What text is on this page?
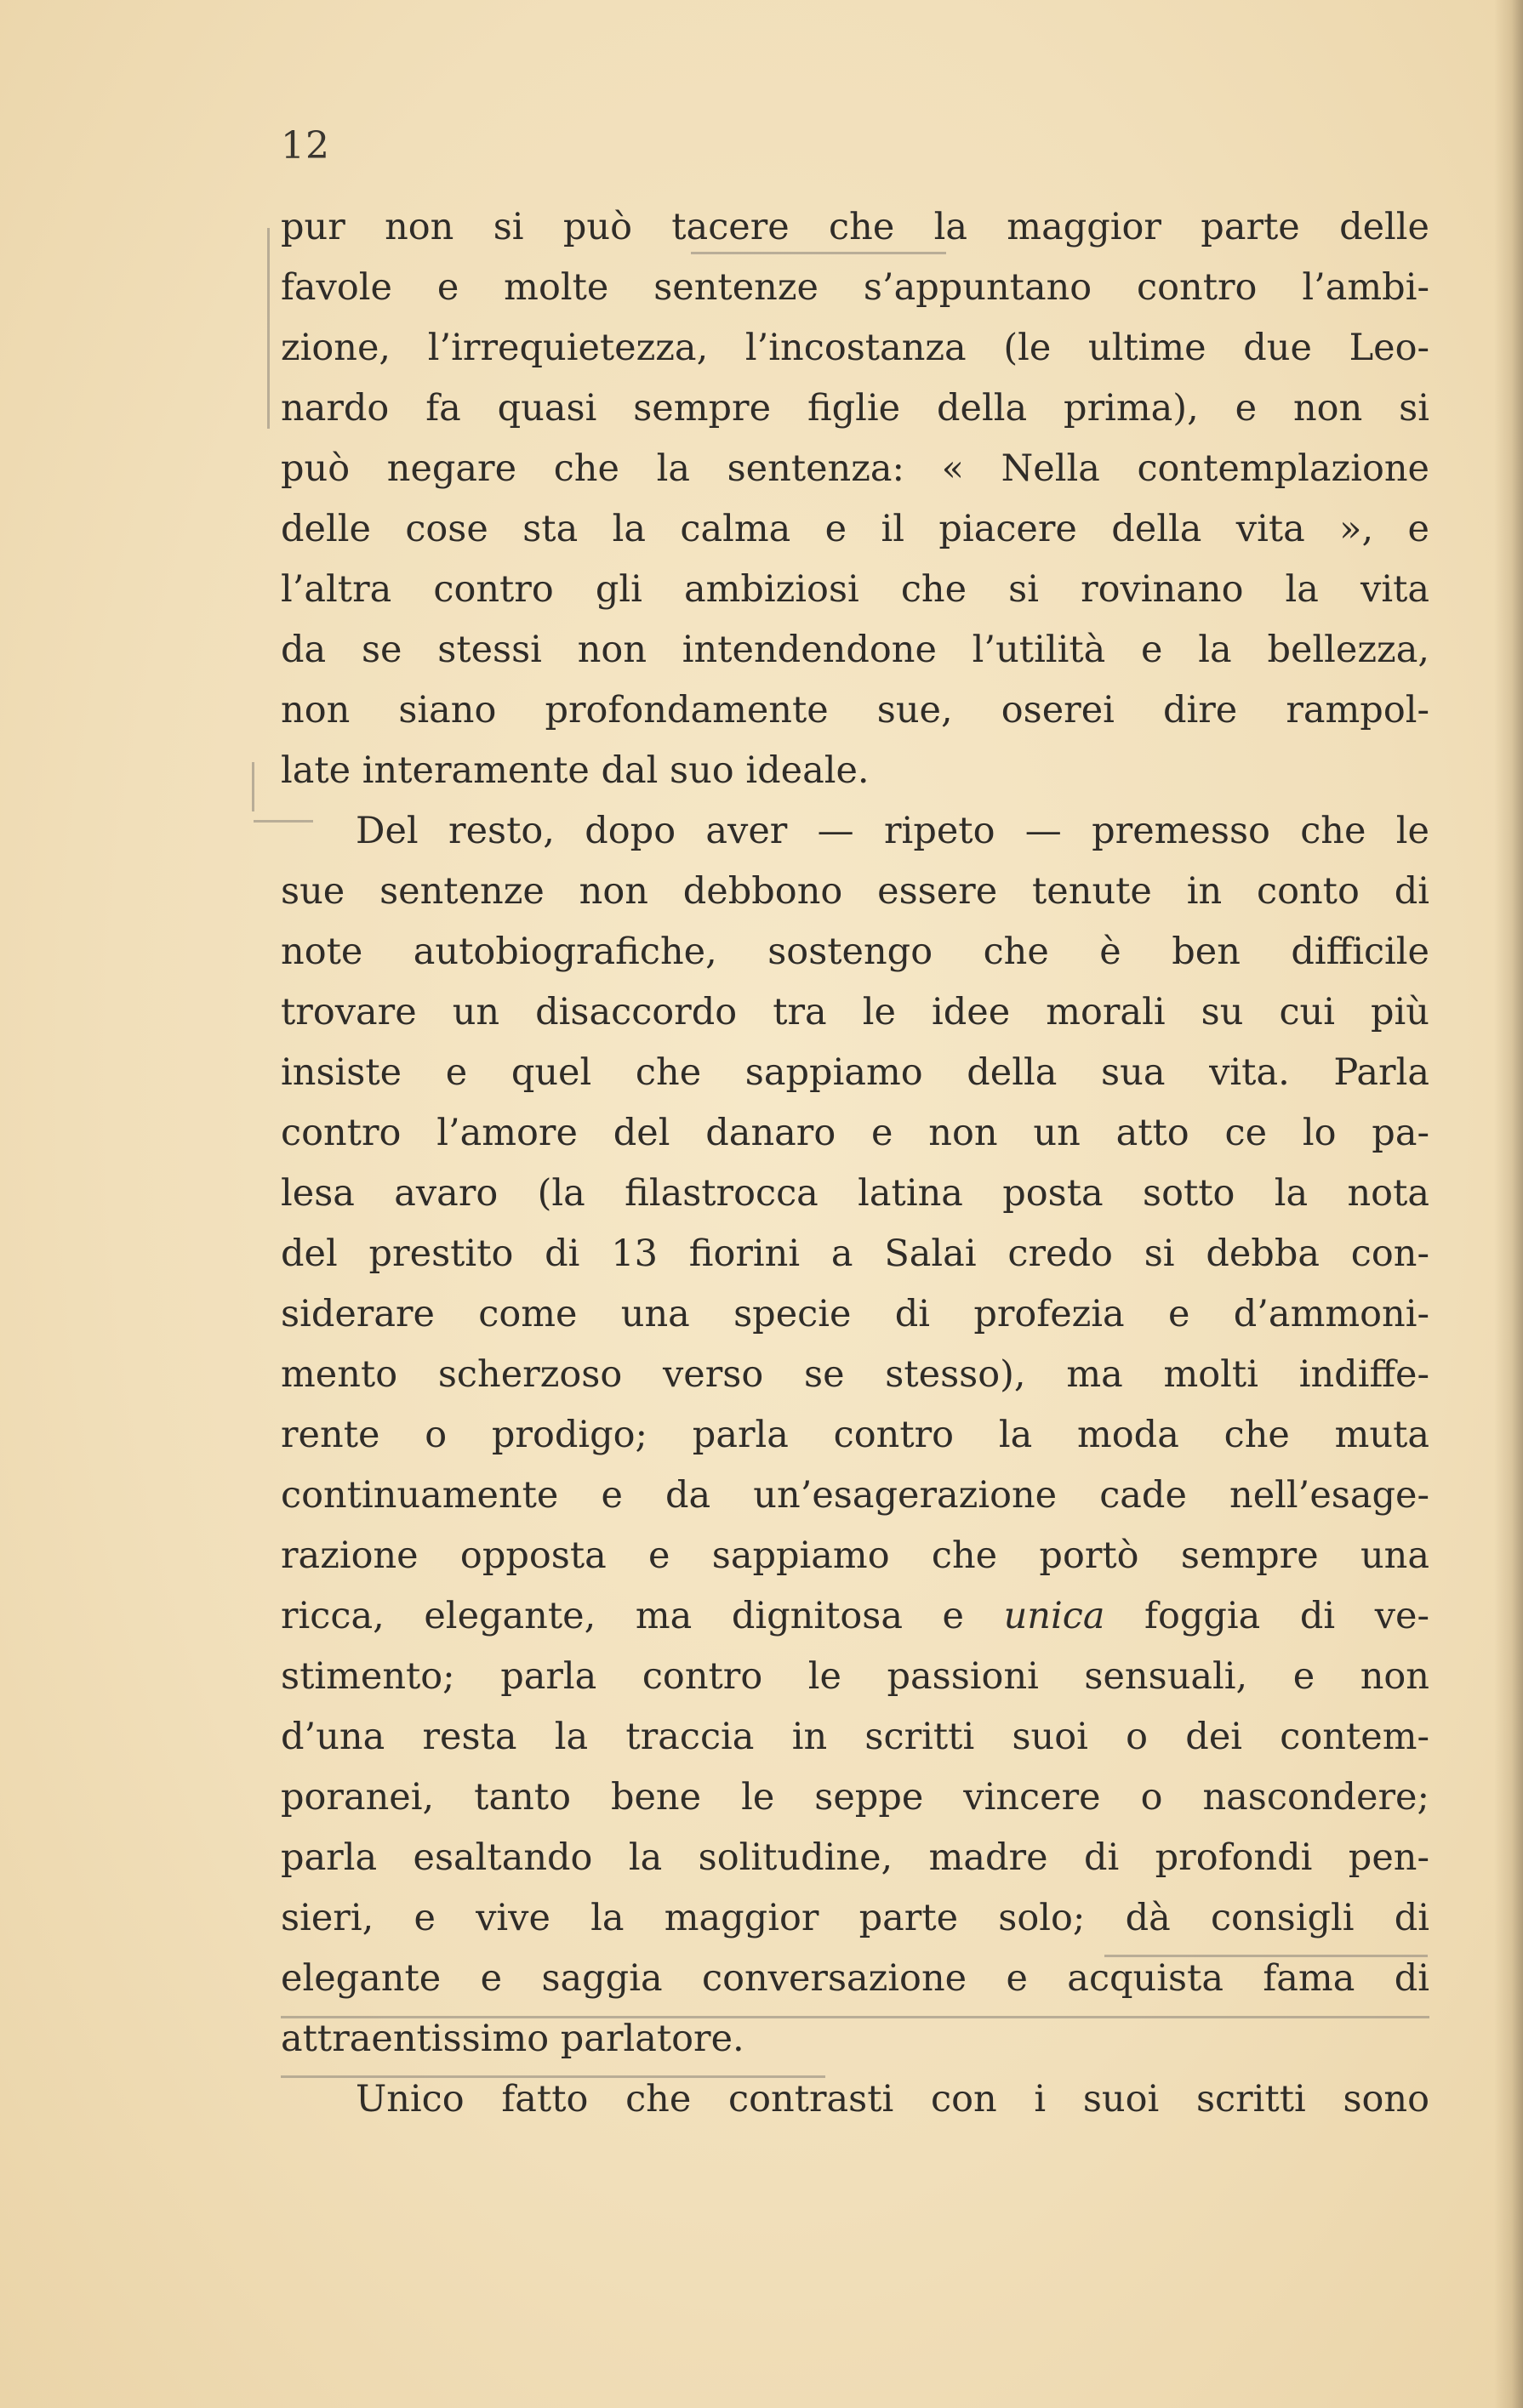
12
pur non si può tacere che la maggior parte delle
favole e molte sentenze s’appuntano contro l’ambi-
zione, l’irrequietezza, l’incostanza (le ultime due Leo-
nardo fa quasi sempre figlie della prima), e non si
può negare che la sentenza: « Nella contemplazione
delle cose sta la calma e il piacere della vita », e
l’altra contro gli ambiziosi che si rovinano la vita
da se stessi non intendendone l’utilità e la bellezza,
non siano profondamente sue, oserei dire rampol-
late interamente dal suo ideale.
Del resto, dopo aver — ripeto — premesso che le
sue sentenze non debbono essere tenute in conto di
note autobiografiche, sostengo che è ben difficile
trovare un disaccordo tra le idee morali su cui più
insiste e quel che sappiamo della sua vita. Parla
contro l’amore del danaro e non un atto ce lo pa-
lesa avaro (la filastrocca latina posta sotto la nota
del prestito di 13 fiorini a Salai credo si debba con-
siderare come una specie di profezia e d’ammoni-
mento scherzoso verso se stesso), ma molti indiffe-
rente o prodigo; parla contro la moda che muta
continuamente e da un’esagerazione cade nell’esage-
razione opposta e sappiamo che portò sempre una
ricca, elegante, ma dignitosa e unica foggia di ve-
stimento; parla contro le passioni sensuali, e non
d’una resta la traccia in scritti suoi o dei contem-
poranei, tanto bene le seppe vincere o nascondere;
parla esaltando la solitudine, madre di profondi pen-
sieri, e vive la maggior parte solo; dà consigli di
elegante e saggia conversazione e acquista fama di
attraentissimo parlatore.
Unico fatto che contrasti con i suoi scritti sono
